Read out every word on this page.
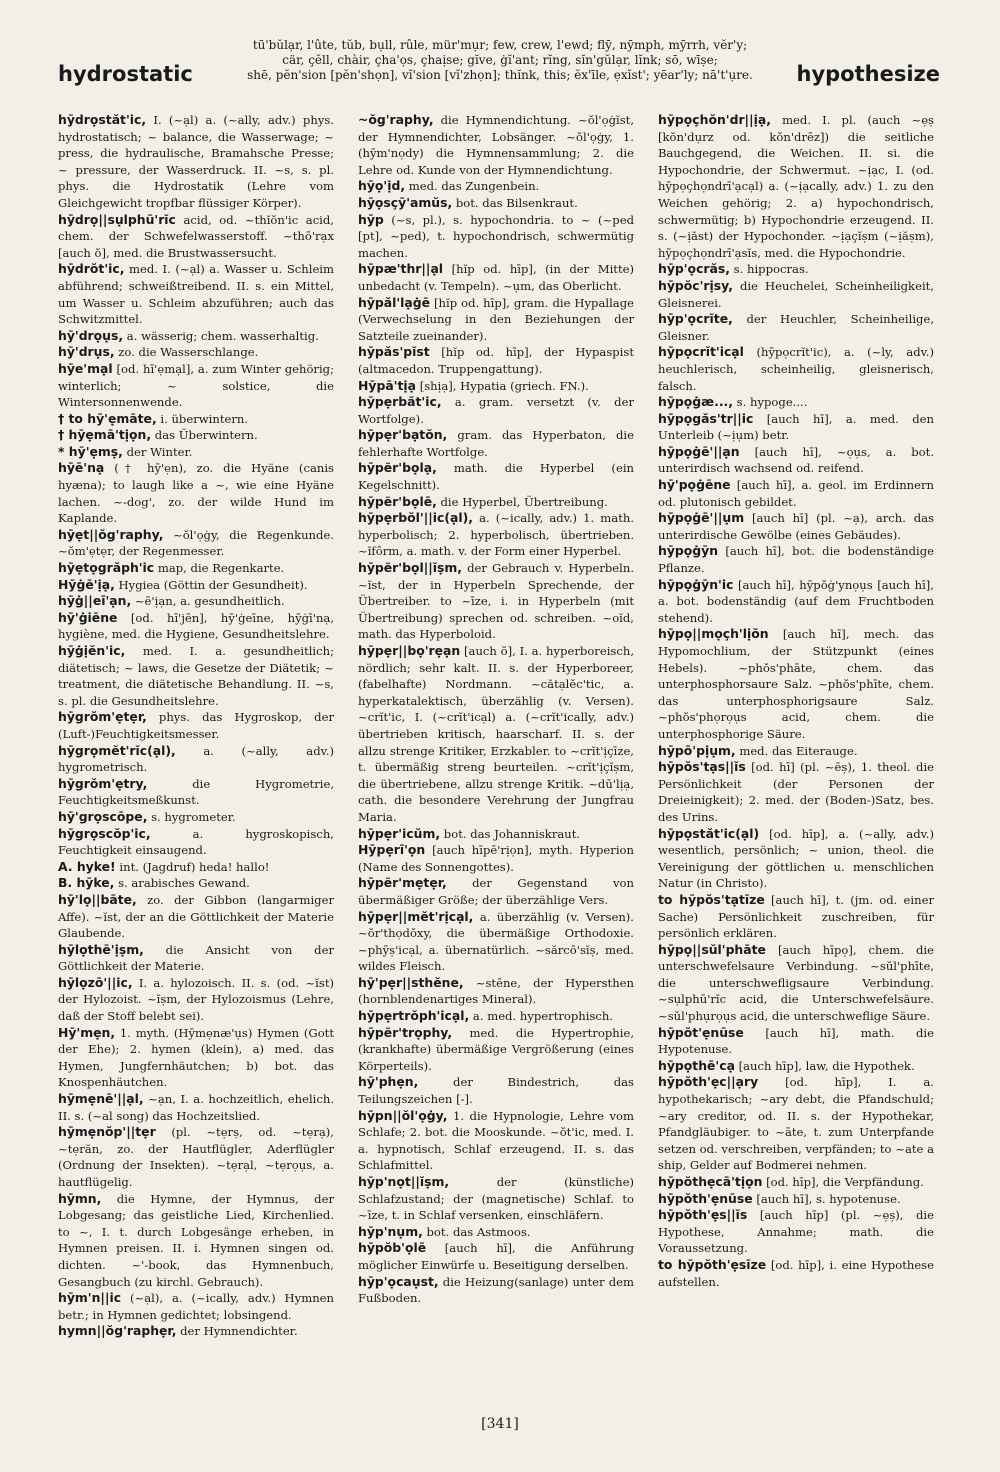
hydrostatic
tū'bŭlạr, l'ûte, tŭb, bụll, rûle, mür'mụr; few, crew, l'ewd; flȳ, nȳmph, mȳrrh, vĕr'y;
cär, çĕll, chàir, çha'ọs, çhaịse; gĭve, ġĭ'ant; rĭng, sĭn'gŭlạr, lĭnk; sō, wīṣe;
shē, pĕn'sion [pĕn'shọn], vĭ'sion [vĭ'zhọn]; thĭnk, this; ĕx'īle, ẹxĭst'; yēar'ly; nā't'ụre.	hypothesize
hȳdrọstăt'ic, I. (~ạl) a. (~ally, adv.) phys. hydrostatisch; ~ balance, die Wasserwage; ~ press, die hydraulische, Bramahsche Presse; ~ pressure, der Wasserdruck. II. ~s, s. pl. phys. die Hydrostatik (Lehre vom Gleichgewicht tropfbar flüssiger Körper).
hȳdrọ||sụlphū'rĭc acid, od. ~thĭŏn'ic acid, chem. der Schwefelwasserstoff. ~thō'rạx [auch ŏ], med. die Brustwassersucht.
hȳdrŏt'ic, med. I. (~ạl) a. Wasser u. Schleim abführend; schweißtreibend. II. s. ein Mittel, um Wasser u. Schleim abzuführen; auch das Schwitzmittel.
hȳ'drọụs, a. wässerig; chem. wasserhaltig.
hȳ'drụs, zo. die Wasserschlange.
hȳe'mạl [od. hī'ẹmạl], a. zum Winter gehörig; winterlich; ~ solstice, die Wintersonnenwende.
† to hȳ'ẹmāte, i. überwintern.
† hȳẹmā'tịọn, das Überwintern.
* hȳ'ẹmṣ, der Winter.
hȳē'nạ († hȳ'ẹn), zo. die Hyäne (canis hyæna); to laugh like a ~, wie eine Hyäne lachen. ~-dog', zo. der wilde Hund im Kaplande.
hȳẹt||ŏg'raphy, ~ŏl'ọġy, die Regenkunde. ~ŏm'ẹtẹr, der Regenmesser.
hȳẹtọgrăph'ic map, die Regenkarte.
Hȳġē'ịạ, Hygiea (Göttin der Gesundheit).
hȳġ||eī'ạn, ~ē'ịạn, a. gesundheitlich.
hȳ'ġiēne [od. hī'jēn], hȳ'ġeīne, hȳġī'nạ, hygiène, med. die Hygiene, Gesundheitslehre.
hȳġịĕn'ic, med. I. a. gesundheitlich; diätetisch; ~ laws, die Gesetze der Diätetik; ~ treatment, die diätetische Behandlung. II. ~s, s. pl. die Gesundheitslehre.
hȳgrŏm'ẹtẹr, phys. das Hygroskop, der (Luft-)Feuchtigkeitsmesser.
hȳgrọmĕt'rĭc(ạl), a. (~ally, adv.) hygrometrisch.
hȳgrŏm'ẹtry,	die Hygrometrie, Feuchtigkeitsmeßkunst.
hȳ'grọscōpe, s. hygrometer.
hȳgrọscŏp'ic,	a. hygroskopisch, Feuchtigkeit einsaugend.
A. hyke! int. (Jagdruf) heda! hallo!
B. hȳke, s. arabisches Gewand.
hȳ'lọ||bāte, zo. der Gibbon (langarmiger Affe). ~ĭst, der an die Göttlichkeit der Materie Glaubende.
hȳlọthē'ịṣm, die Ansicht von der Göttlichkeit der Materie.
hȳlọzō'||ic, I. a. hylozoisch. II. s. (od. ~ĭst) der Hylozoist. ~ĭṣm, der Hylozoismus (Lehre, daß der Stoff belebt sei).
Hȳ'mẹn, 1. myth. (Hȳmẹnæ'ụs) Hymen (Gott der Ehe); 2. hymen (klein), a) med. das Hymen, Jungfernhäutchen; b) bot. das Knospenhäutchen.
hȳmẹnē'||ạl, ~ạn, I. a. hochzeitlich, ehelich. II. s. (~al song) das Hochzeitslied.
hȳmẹnŏp'||tẹr (pl. ~tẹrṣ, od. ~tẹrạ), ~tẹrăn, zo. der Hautflügler, Aderflügler (Ordnung der Insekten). ~tẹrạl, ~tẹrọụs, a. hautflügelig.
hȳmn, die Hymne, der Hymnus, der Lobgesang; das geistliche Lied, Kirchenlied. to ~, I. t. durch Lobgesänge erheben, in Hymnen preisen. II. i. Hymnen singen od. dichten. ~'-book, das Hymnenbuch, Gesangbuch (zu kirchl. Gebrauch).
hȳm'n||ic (~ạl), a. (~ically, adv.) Hymnen betr.; in Hymnen gedichtet; lobsingend.
hymn||ŏg'raphẹr, der Hymnendichter.
~ŏg'raphy, die Hymnendichtung. ~ŏl'ọġĭst, der Hymnendichter, Lobsänger. ~ŏl'ọġy, 1. (hȳm'nọdy) die Hymnensammlung; 2. die Lehre od. Kunde von der Hymnendichtung.
hȳọ'ịd, med. das Zungenbein.
hȳọsçȳ'amŭs, bot. das Bilsenkraut.
hȳp (~s, pl.), s. hypochondria. to ~ (~ped [pt], ~ped), t. hypochondrisch, schwermütig machen.
hȳpæ'thr||ạl [hĭp od. hīp], (in der Mitte) unbedacht (v. Tempeln). ~ụm, das Oberlicht.
hȳpăl'lạġē [hĭp od. hīp], gram. die Hypallage (Verwechselung in den Beziehungen der Satzteile zueinander).
hȳpăs'pĭst [hĭp od. hīp], der Hypaspist (altmacedon. Truppengattung).
Hȳpā'tịạ [shịạ], Hypatia (griech. FN.).
hȳpẹrbăt'ic, a. gram. versetzt (v. der Wortfolge).
hȳpẹr'bạtŏn, gram. das Hyperbaton, die fehlerhafte Wortfolge.
hȳpẽr'bọlạ, math. die Hyperbel (ein Kegelschnitt).
hȳpẽr'bọlē, die Hyperbel, Übertreibung.
hȳpẹrbŏl'||ic(ạl), a. (~ically, adv.) 1. math. hyperbolisch; 2. hyperbolisch, übertrieben. ~ĭfôrm, a. math. v. der Form einer Hyperbel.
hȳpẽr'bọl||ĭṣm, der Gebrauch v. Hyperbeln. ~ĭst, der in Hyperbeln Sprechende, der Übertreiber. to ~īze, i. in Hyperbeln (mit Übertreibung) sprechen od. schreiben. ~oĭd, math. das Hyperboloid.
hȳpẹr||bọ'rẹạn [auch ŏ], I. a. hyperboreisch, nördlich; sehr kalt. II. s. der Hyperboreer, (fabelhafte) Nordmann. ~cătạlĕc'tic, a. hyperkatalektisch, überzählig (v. Versen). ~crĭt'ic, I. (~crĭt'icạl) a. (~crĭt'ically, adv.) übertrieben kritisch, haarscharf. II. s. der allzu strenge Kritiker, Erzkabler. to ~crĭt'ịçīze, t. übermäßig streng beurteilen. ~crĭt'ịçĭṣm, die übertriebene, allzu strenge Kritik. ~dū'lịạ, cath. die besondere Verehrung der Jungfrau Maria.
hȳpẹr'icŭm, bot. das Johanniskraut.
Hȳpẹrī'ọn [auch hīpē'rịọn], myth. Hyperion (Name des Sonnengottes).
hȳpẽr'mẹtẹr, der Gegenstand von übermäßiger Größe; der überzählige Vers.
hȳpẹr||mĕt'rịcạl, a. überzählig (v. Versen). ~ŏr'thọdŏxy, die übermäßige Orthodoxie. ~phȳṣ'icạl, a. übernatürlich. ~sărcō'sĭṣ, med. wildes Fleisch.
hȳ'pẹr||sthĕne, ~stēne, der Hypersthen (hornblendenartiges Mineral).
hȳpẹrtrŏph'icạl, a. med. hypertrophisch.
hȳpẽr'trọphy, med. die Hypertrophie, (krankhafte) übermäßige Vergrößerung (eines Körperteils).
hȳ'phẹn,	der Bindestrich, das Teilungszeichen [-].
hȳpn||ŏl'ọġy, 1. die Hypnologie, Lehre vom Schlafe; 2. bot. die Mooskunde. ~ŏt'ic, med. I. a. hypnotisch, Schlaf erzeugend. II. s. das Schlafmittel.
hȳp'nọt||ĭṣm,	der (künstliche) Schlafzustand; der (magnetische) Schlaf. to ~īze, t. in Schlaf versenken, einschläfern.
hȳp'nụm, bot. das Astmoos.
hȳpŏb'ọlē [auch hī], die Anführung möglicher Einwürfe u. Beseitigung derselben.
hȳp'ọcaụst, die Heizung(sanlage) unter dem Fußboden.
hȳpọçhŏn'dr||ịạ, med. I. pl. (auch ~ẹṣ [kŏn'dụrz od. kŏn'drēz]) die seitliche Bauchgegend, die Weichen. II. si. die Hypochondrie, der Schwermut. ~ịạc, I. (od. hȳpọçhọndrī'ạcạl) a. (~ịạcally, adv.) 1. zu den Weichen gehörig; 2. a) hypochondrisch, schwermütig; b) Hypochondrie erzeugend. II. s. (~ịăst) der Hypochonder. ~ịạçĭṣm (~ịăṣm), hȳpọçhọndrī'ạsĭs, med. die Hypochondrie.
hȳp'ọcrăs, s. hippocras.
hȳpŏc'rịsy, die Heuchelei, Scheinheiligkeit, Gleisnerei.
hȳp'ọcrĭte, der Heuchler, Scheinheilige, Gleisner.
hȳpọcrĭt'icạl (hȳpọcrĭt'ic), a. (~ly, adv.) heuchlerisch, scheinheilig, gleisnerisch, falsch.
hȳpọġæ..., s. hypoge....
hȳpọgăs'tr||ic [auch hī], a. med. den Unterleib (~ịụm) betr.
hȳpọġē'||ạn [auch hī], ~ọụs, a. bot. unterirdisch wachsend od. reifend.
hȳ'pọġēne [auch hī], a. geol. im Erdinnern od. plutonisch gebildet.
hȳpọġē'||ụm [auch hī] (pl. ~ạ), arch. das unterirdische Gewölbe (eines Gebäudes).
hȳpọġȳn [auch hī], bot. die bodenständige Pflanze.
hȳpọġȳn'ic [auch hī], hȳpŏġ'ynọụs [auch hī], a. bot. bodenständig (auf dem Fruchtboden stehend).
hȳpọ||mọçh'lịŏn [auch hī], mech. das Hypomochlium, der Stützpunkt (eines Hebels). ~phŏs'phāte, chem. das unterphosphorsaure Salz. ~phŏs'phīte, chem. das unterphosphorigsaure Salz. ~phŏs'phọrọụs acid, chem. die unterphosphorige Säure.
hȳpō'pịụm, med. das Eiterauge.
hȳpŏs'tạs||ĭs [od. hī] (pl. ~ēṣ), 1. theol. die Persönlichkeit (der Personen der Dreieinigkeit); 2. med. der (Boden-)Satz, bes. des Urins.
hȳpọstăt'ic(ạl) [od. hīp], a. (~ally, adv.) wesentlich, persönlich; ~ union, theol. die Vereinigung der göttlichen u. menschlichen Natur (in Christo).
to hȳpŏs'tạtīze [auch hī], t. (jm. od. einer Sache) Persönlichkeit zuschreiben, für persönlich erklären.
hȳpọ||sŭl'phāte [auch hīpọ], chem. die unterschwefelsaure Verbindung. ~sŭl'phīte, die unterschwefligsaure Verbindung. ~sụlphū'rĭc acid, die Unterschwefelsäure. ~sŭl'phụrọụs acid, die unterschweflige Säure.
hȳpŏt'ẹnūse [auch hī], math. die Hypotenuse.
hȳpọthē'cạ [auch hīp], law, die Hypothek.
hȳpŏth'ẹc||ạry [od. hīp], I. a. hypothekarisch; ~ary debt, die Pfandschuld; ~ary creditor, od. II. s. der Hypothekar, Pfandgläubiger. to ~āte, t. zum Unterpfande setzen od. verschreiben, verpfänden; to ~ate a ship, Gelder auf Bodmerei nehmen.
hȳpŏthẹcā'tịọn [od. hīp], die Verpfändung.
hȳpŏth'ẹnūse [auch hī], s. hypotenuse.
hȳpŏth'ẹs||ĭs [auch hīp] (pl. ~ẹṣ), die Hypothese, Annahme; math. die Voraussetzung.
to hȳpŏth'ẹsīze [od. hīp], i. eine Hypothese aufstellen.
[341]
